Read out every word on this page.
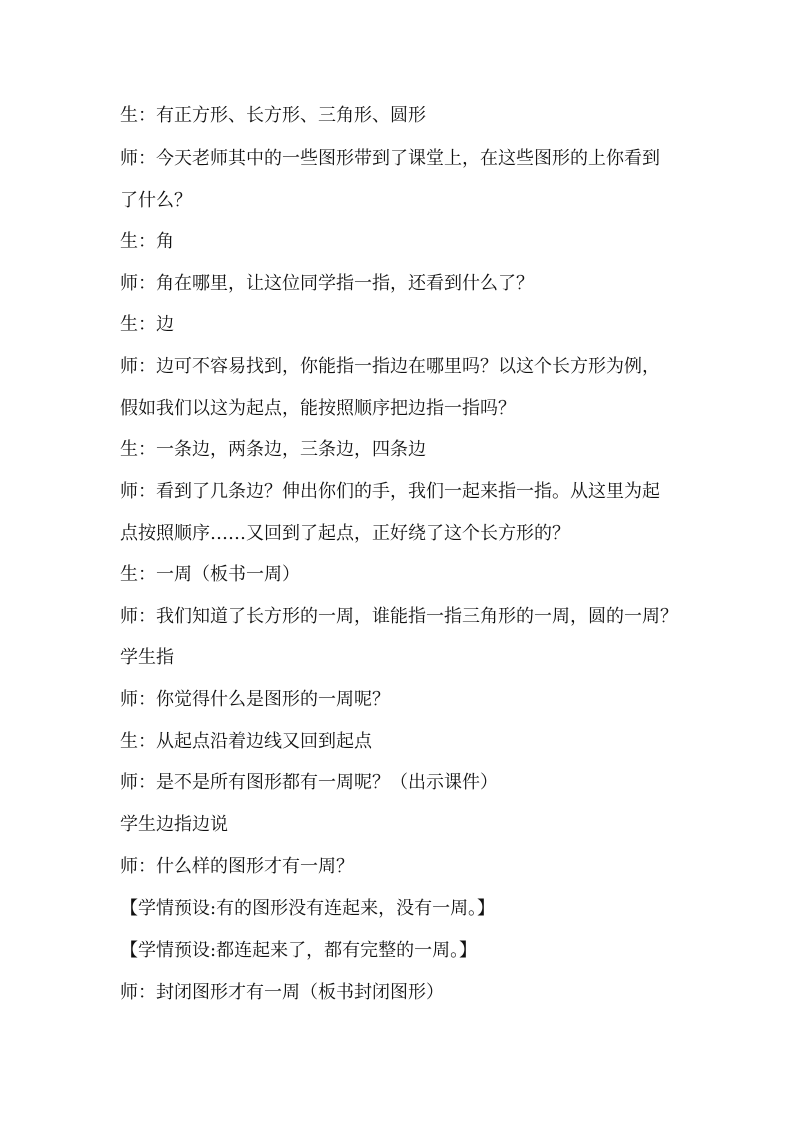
生：有正方形、长方形、三角形、圆形
师：今天老师其中的一些图形带到了课堂上，在这些图形的上你看到
了什么？
生：角
师：角在哪里，让这位同学指一指，还看到什么了？
生：边
师：边可不容易找到，你能指一指边在哪里吗？以这个长方形为例，
假如我们以这为起点，能按照顺序把边指一指吗？
生：一条边，两条边，三条边，四条边
师：看到了几条边？伸出你们的手，我们一起来指一指。从这里为起
点按照顺序……又回到了起点，正好绕了这个长方形的？
生：一周（板书一周）
师：我们知道了长方形的一周，谁能指一指三角形的一周，圆的一周？
学生指
师：你觉得什么是图形的一周呢？
生：从起点沿着边线又回到起点
师：是不是所有图形都有一周呢？（出示课件）
学生边指边说
师：什么样的图形才有一周？
【学情预设:有的图形没有连起来，没有一周。】
【学情预设:都连起来了，都有完整的一周。】
师：封闭图形才有一周（板书封闭图形）
